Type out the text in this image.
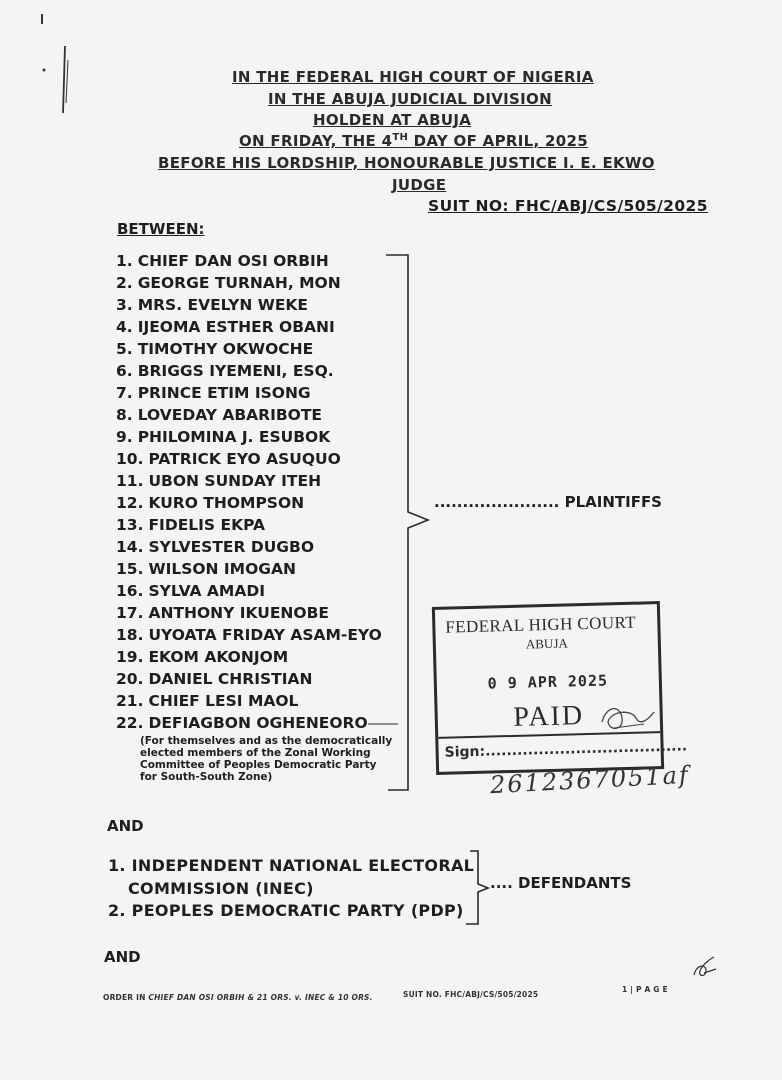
IN THE FEDERAL HIGH COURT OF NIGERIA
IN THE ABUJA JUDICIAL DIVISION
HOLDEN AT ABUJA
ON FRIDAY, THE 4TH DAY OF APRIL, 2025
BEFORE HIS LORDSHIP, HONOURABLE JUSTICE I. E. EKWO
JUDGE
SUIT NO: FHC/ABJ/CS/505/2025
BETWEEN:
1. CHIEF DAN OSI ORBIH
2. GEORGE TURNAH, MON
3. MRS. EVELYN WEKE
4. IJEOMA ESTHER OBANI
5. TIMOTHY OKWOCHE
6. BRIGGS IYEMENI, ESQ.
7. PRINCE ETIM ISONG
8. LOVEDAY ABARIBOTE
9. PHILOMINA J. ESUBOK
10. PATRICK EYO ASUQUO
11. UBON SUNDAY ITEH
12. KURO THOMPSON
13. FIDELIS EKPA
14. SYLVESTER DUGBO
15. WILSON IMOGAN
16. SYLVA AMADI
17. ANTHONY IKUENOBE
18. UYOATA FRIDAY ASAM-EYO
19. EKOM AKONJOM
20. DANIEL CHRISTIAN
21. CHIEF LESI MAOL
22. DEFIAGBON OGHENEORO
(For themselves and as the democratically
elected members of the Zonal Working
Committee of Peoples Democratic Party
for South-South Zone)
...................... PLAINTIFFS
FEDERAL HIGH COURT
ABUJA
0 9 APR 2025
PAID
Sign:......................................
2612367051af
AND
1. INDEPENDENT NATIONAL ELECTORAL
COMMISSION (INEC)
2. PEOPLES DEMOCRATIC PARTY (PDP)
.... DEFENDANTS
AND
ORDER IN CHIEF DAN OSI ORBIH & 21 ORS. v. INEC & 10 ORS.	SUIT NO. FHC/ABJ/CS/505/2025
1 | P A G E
